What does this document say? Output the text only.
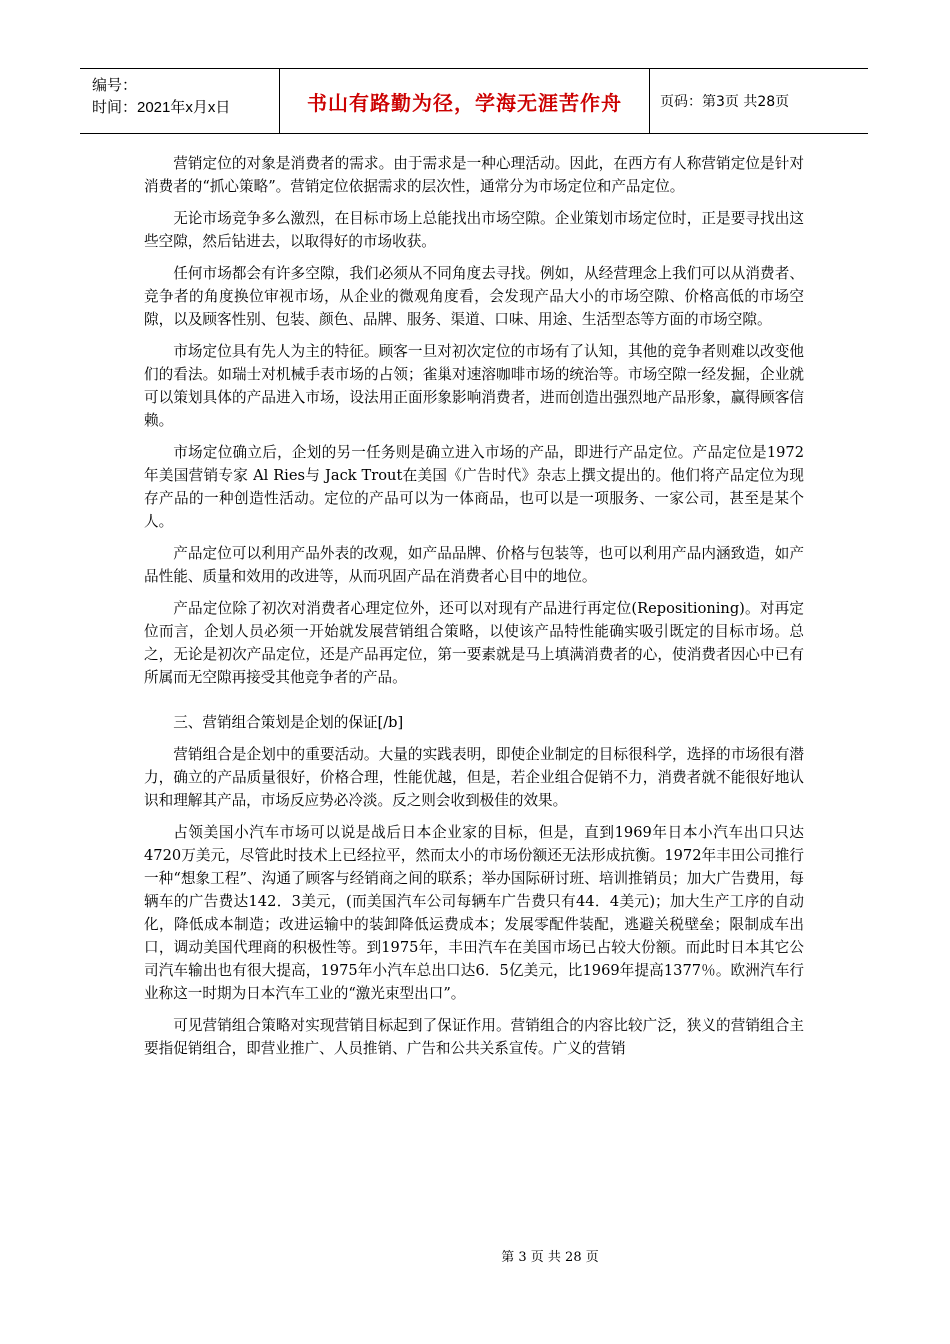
编号：
时间：2021年x月x日	书山有路勤为径，学海无涯苦作舟	页码：第3页 共28页

营销定位的对象是消费者的需求。由于需求是一种心理活动。因此，在西方有人称营销定位是针对消费者的“抓心策略”。营销定位依据需求的层次性，通常分为市场定位和产品定位。

无论市场竞争多么激烈，在目标市场上总能找出市场空隙。企业策划市场定位时，正是要寻找出这些空隙，然后钻进去，以取得好的市场收获。

任何市场都会有许多空隙，我们必须从不同角度去寻找。例如，从经营理念上我们可以从消费者、竞争者的角度换位审视市场，从企业的微观角度看，会发现产品大小的市场空隙、价格高低的市场空隙，以及顾客性别、包装、颜色、品牌、服务、渠道、口味、用途、生活型态等方面的市场空隙。

市场定位具有先人为主的特征。顾客一旦对初次定位的市场有了认知，其他的竞争者则难以改变他们的看法。如瑞士对机械手表市场的占领；雀巢对速溶咖啡市场的统治等。市场空隙一经发掘，企业就可以策划具体的产品进入市场，设法用正面形象影响消费者，进而创造出强烈地产品形象，赢得顾客信赖。

市场定位确立后，企划的另一任务则是确立进入市场的产品，即进行产品定位。产品定位是1972年美国营销专家 Al Ries与 Jack Trout在美国《广告时代》杂志上撰文提出的。他们将产品定位为现存产品的一种创造性活动。定位的产品可以为一体商品，也可以是一项服务、一家公司，甚至是某个人。

产品定位可以利用产品外表的改观，如产品品牌、价格与包装等，也可以利用产品内涵致造，如产品性能、质量和效用的改进等，从而巩固产品在消费者心目中的地位。

产品定位除了初次对消费者心理定位外，还可以对现有产品进行再定位(Repositioning)。对再定位而言，企划人员必须一开始就发展营销组合策略，以使该产品特性能确实吸引既定的目标市场。总之，无论是初次产品定位，还是产品再定位，第一要素就是马上填满消费者的心，使消费者因心中已有所属而无空隙再接受其他竞争者的产品。

三、营销组合策划是企划的保证[/b]

营销组合是企划中的重要活动。大量的实践表明，即使企业制定的目标很科学，选择的市场很有潜力，确立的产品质量很好，价格合理，性能优越，但是，若企业组合促销不力，消费者就不能很好地认识和理解其产品，市场反应势必冷淡。反之则会收到极佳的效果。

占领美国小汽车市场可以说是战后日本企业家的目标，但是，直到1969年日本小汽车出口只达4720万美元，尽管此时技术上已经拉平，然而太小的市场份额还无法形成抗衡。1972年丰田公司推行一种“想象工程”、沟通了顾客与经销商之间的联系；举办国际研讨班、培训推销员；加大广告费用，每辆车的广告费达142．3美元，(而美国汽车公司每辆车广告费只有44．4美元)；加大生产工序的自动化，降低成本制造；改进运输中的装卸降低运费成本；发展零配件装配，逃避关税壁垒；限制成车出口，调动美国代理商的积极性等。到1975年，丰田汽车在美国市场已占较大份额。而此时日本其它公司汽车输出也有很大提高，1975年小汽车总出口达6．5亿美元，比1969年提高1377％。欧洲汽车行业称这一时期为日本汽车工业的“激光束型出口”。

可见营销组合策略对实现营销目标起到了保证作用。营销组合的内容比较广泛，狭义的营销组合主要指促销组合，即营业推广、人员推销、广告和公共关系宣传。广义的营销

第 3 页 共 28 页
